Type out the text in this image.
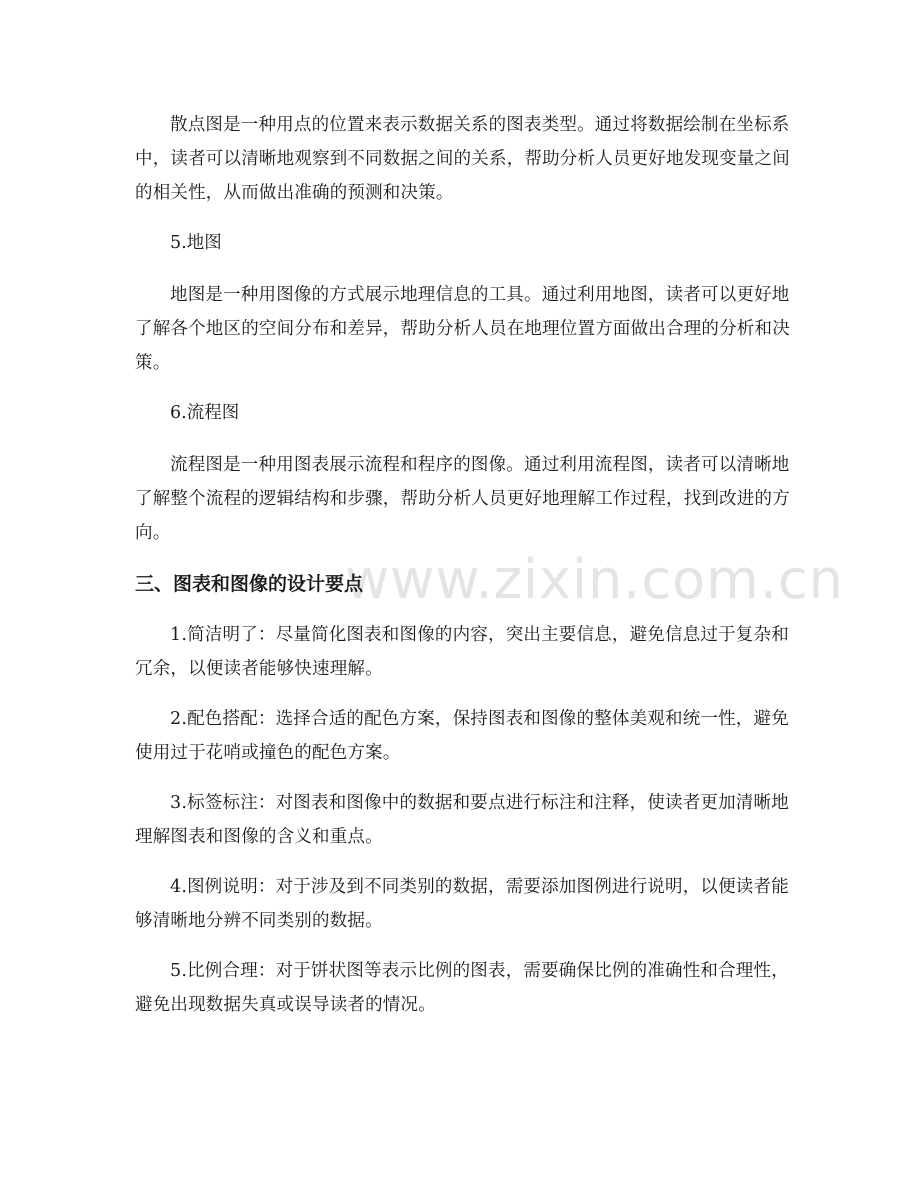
www.zixin.com.cn

散点图是一种用点的位置来表示数据关系的图表类型。通过将数据绘制在坐标系中，读者可以清晰地观察到不同数据之间的关系，帮助分析人员更好地发现变量之间的相关性，从而做出准确的预测和决策。

5.地图

地图是一种用图像的方式展示地理信息的工具。通过利用地图，读者可以更好地了解各个地区的空间分布和差异，帮助分析人员在地理位置方面做出合理的分析和决策。

6.流程图

流程图是一种用图表展示流程和程序的图像。通过利用流程图，读者可以清晰地了解整个流程的逻辑结构和步骤，帮助分析人员更好地理解工作过程，找到改进的方向。

三、图表和图像的设计要点

1.简洁明了：尽量简化图表和图像的内容，突出主要信息，避免信息过于复杂和冗余，以便读者能够快速理解。

2.配色搭配：选择合适的配色方案，保持图表和图像的整体美观和统一性，避免使用过于花哨或撞色的配色方案。

3.标签标注：对图表和图像中的数据和要点进行标注和注释，使读者更加清晰地理解图表和图像的含义和重点。

4.图例说明：对于涉及到不同类别的数据，需要添加图例进行说明，以便读者能够清晰地分辨不同类别的数据。

5.比例合理：对于饼状图等表示比例的图表，需要确保比例的准确性和合理性，避免出现数据失真或误导读者的情况。
